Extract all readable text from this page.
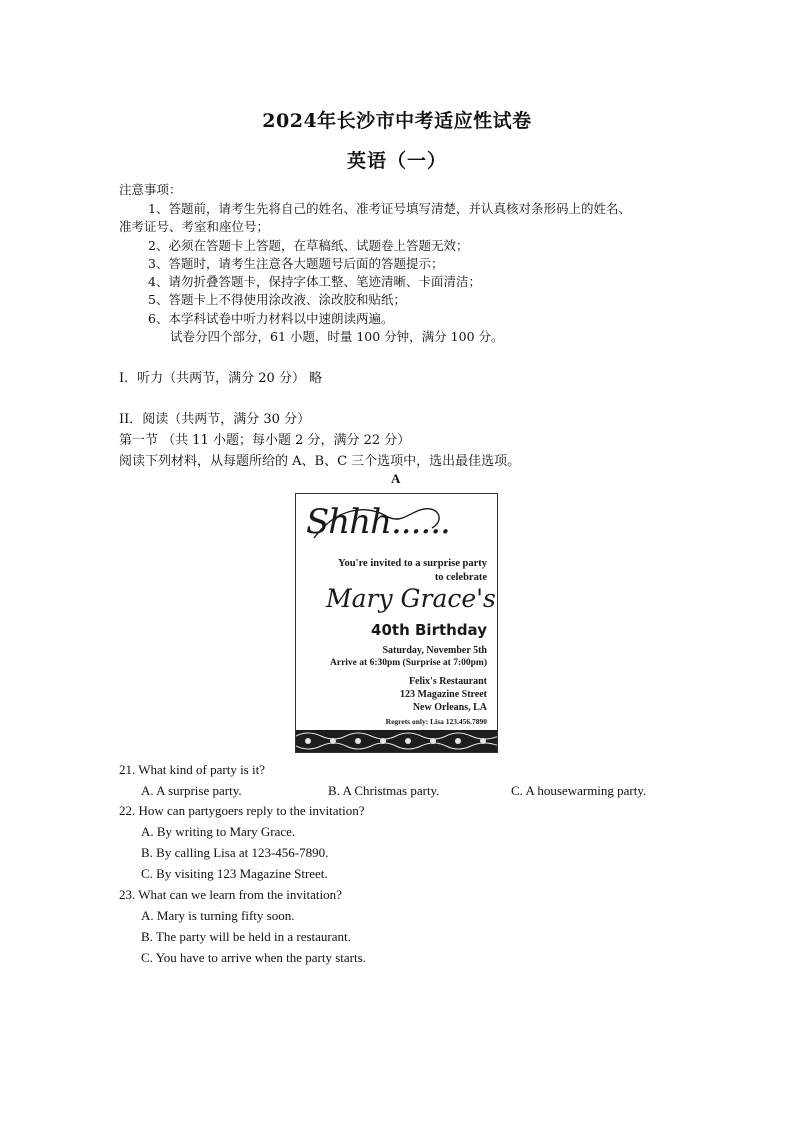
2024年长沙市中考适应性试卷
英语（一）
注意事项：
1、答题前，请考生先将自己的姓名、准考证号填写清楚，并认真核对条形码上的姓名、
准考证号、考室和座位号；
2、必须在答题卡上答题，在草稿纸、试题卷上答题无效；
3、答题时，请考生注意各大题题号后面的答题提示；
4、请勿折叠答题卡，保持字体工整、笔迹清晰、卡面清洁；
5、答题卡上不得使用涂改液、涂改胶和贴纸；
6、本学科试卷中听力材料以中速朗读两遍。
试卷分四个部分，61 小题，时量 100 分钟，满分 100 分。
I．听力（共两节，满分 20 分） 略
II．阅读（共两节，满分 30 分）
第一节 （共 11 小题；每小题 2 分，满分 22 分）
阅读下列材料，从每题所给的 A、B、C 三个选项中，选出最佳选项。
A
Shhh......
You're invited to a surprise party
to celebrate
Mary Grace's
40th Birthday
Saturday, November 5th
Arrive at 6:30pm (Surprise at 7:00pm)
Felix's Restaurant
123 Magazine Street
New Orleans, LA
Regrets only: Lisa 123.456.7890
21. What kind of party is it?
A. A surprise party.	B. A Christmas party.	C. A housewarming party.
22. How can partygoers reply to the invitation?
A. By writing to Mary Grace.
B. By calling Lisa at 123-456-7890.
C. By visiting 123 Magazine Street.
23. What can we learn from the invitation?
A. Mary is turning fifty soon.
B. The party will be held in a restaurant.
C. You have to arrive when the party starts.
